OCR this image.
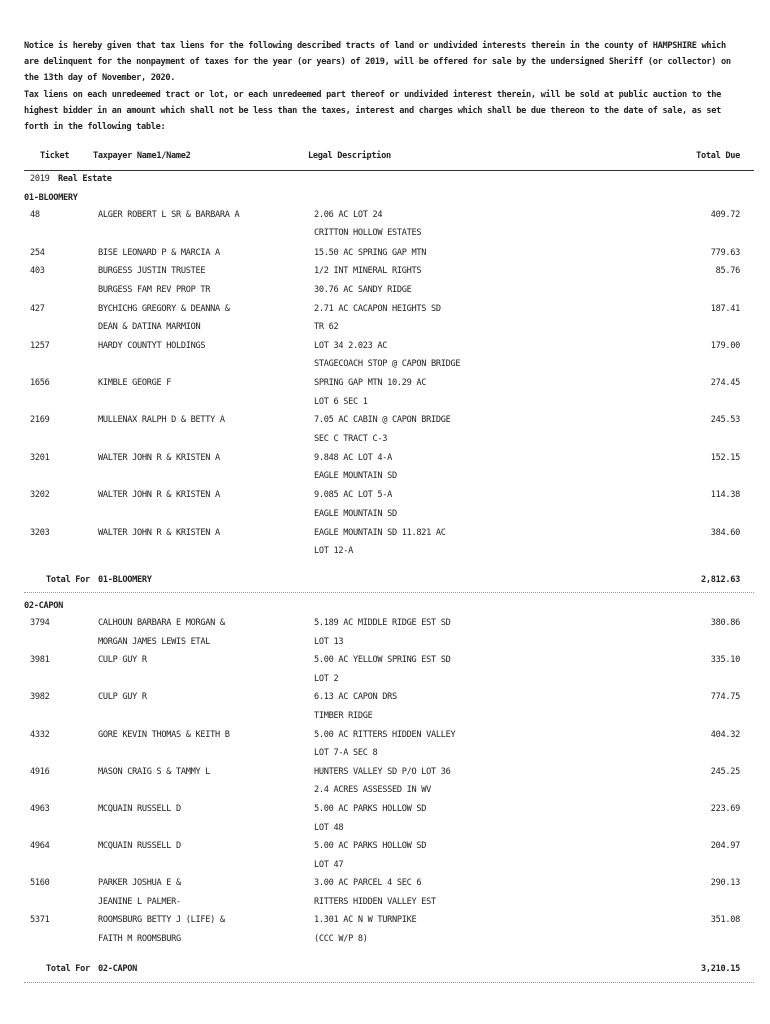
Notice is hereby given that tax liens for the following described tracts of land or undivided interests therein in the county of HAMPSHIRE which are delinquent for the nonpayment of taxes for the year (or years) of 2019, will be offered for sale by the undersigned Sheriff (or collector) on the 13th day of November, 2020.

Tax liens on each unredeemed tract or lot, or each unredeemed part thereof or undivided interest therein, will be sold at public auction to the highest bidder in an amount which shall not be less than the taxes, interest and charges which shall be due thereon to the date of sale, as set forth in the following table:

Ticket	Taxpayer Name1/Name2	Legal Description	Total Due
2019 Real Estate
01-BLOOMERY
48	ALGER ROBERT L SR & BARBARA A	2.06 AC LOT 24	409.72
CRITTON HOLLOW ESTATES
254	BISE LEONARD P & MARCIA A	15.50 AC SPRING GAP MTN	779.63
403	BURGESS JUSTIN TRUSTEE	1/2 INT MINERAL RIGHTS	85.76
BURGESS FAM REV PROP TR	30.76 AC SANDY RIDGE
427	BYCHICHG GREGORY & DEANNA &	2.71 AC CACAPON HEIGHTS SD	187.41
DEAN & DATINA MARMION	TR 62
1257	HARDY COUNTYT HOLDINGS	LOT 34 2.023 AC	179.00
STAGECOACH STOP @ CAPON BRIDGE
1656	KIMBLE GEORGE F	SPRING GAP MTN 10.29 AC	274.45
LOT 6 SEC 1
2169	MULLENAX RALPH D & BETTY A	7.05 AC CABIN @ CAPON BRIDGE	245.53
SEC C TRACT C-3
3201	WALTER JOHN R & KRISTEN A	9.848 AC LOT 4-A	152.15
EAGLE MOUNTAIN SD
3202	WALTER JOHN R & KRISTEN A	9.085 AC LOT 5-A	114.38
EAGLE MOUNTAIN SD
3203	WALTER JOHN R & KRISTEN A	EAGLE MOUNTAIN SD 11.821 AC	384.60
LOT 12-A
Total For 01-BLOOMERY	2,812.63
02-CAPON
3794	CALHOUN BARBARA E MORGAN &	5.189 AC MIDDLE RIDGE EST SD	380.86
MORGAN JAMES LEWIS ETAL	LOT 13
3981	CULP GUY R	5.00 AC YELLOW SPRING EST SD	335.10
LOT 2
3982	CULP GUY R	6.13 AC CAPON DRS	774.75
TIMBER RIDGE
4332	GORE KEVIN THOMAS & KEITH B	5.00 AC RITTERS HIDDEN VALLEY	404.32
LOT 7-A SEC 8
4916	MASON CRAIG S & TAMMY L	HUNTERS VALLEY SD P/O LOT 36	245.25
2.4 ACRES ASSESSED IN WV
4963	MCQUAIN RUSSELL D	5.00 AC PARKS HOLLOW SD	223.69
LOT 48
4964	MCQUAIN RUSSELL D	5.00 AC PARKS HOLLOW SD	204.97
LOT 47
5160	PARKER JOSHUA E &	3.00 AC PARCEL 4 SEC 6	290.13
JEANINE L PALMER-	RITTERS HIDDEN VALLEY EST
5371	ROOMSBURG BETTY J (LIFE) &	1.301 AC N W TURNPIKE	351.08
FAITH M ROOMSBURG	(CCC W/P 8)
Total For 02-CAPON	3,210.15
